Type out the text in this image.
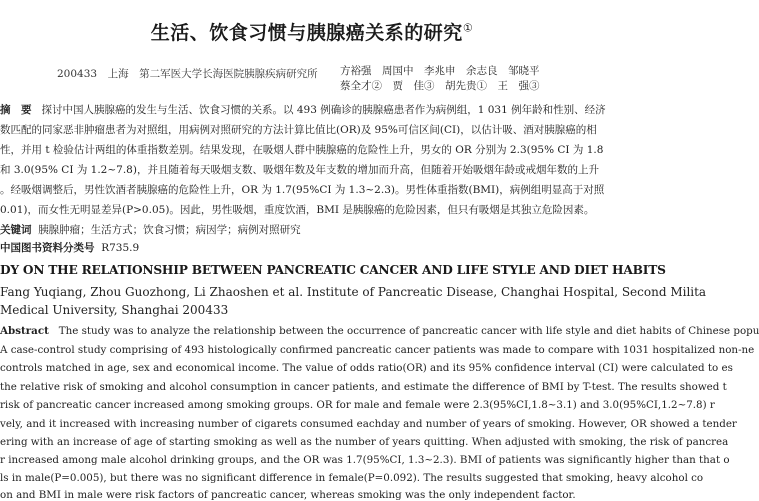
生活、饮食习惯与胰腺癌关系的研究①
200433　上海　第二军医大学长海医院胰腺疾病研究所 方裕强　周国中　李兆申　余志良　邹晓平
蔡全才②　贾　佳③　胡先贵①　王　强③
摘　要 探讨中国人胰腺癌的发生与生活、饮食习惯的关系。以 493 例确诊的胰腺癌患者作为病例组，1 031 例年龄和性别、经济
数匹配的同家恶非肿瘤患者为对照组，用病例对照研究的方法计算比值比(OR)及 95%可信区间(CI)，以估计吸、酒对胰腺癌的相
性，并用 t 检验估计两组的体重指数差别。结果发现，在吸烟人群中胰腺癌的危险性上升，男女的 OR 分别为 2.3(95% CI 为 1.8
和 3.0(95% CI 为 1.2~7.8)，并且随着每天吸烟支数、吸烟年数及年支数的增加而升高，但随着开始吸烟年龄或戒烟年数的上升
。经吸烟调整后，男性饮酒者胰腺癌的危险性上升，OR 为 1.7(95%CI 为 1.3~2.3)。男性体重指数(BMI)，病例组明显高于对照
0.01)，而女性无明显差异(P>0.05)。因此，男性吸烟，重度饮酒，BMI 是胰腺癌的危险因素，但只有吸烟是其独立危险因素。
关键词 胰腺肿瘤；生活方式；饮食习惯；病因学；病例对照研究
中国图书资料分类号 R735.9
DY ON THE RELATIONSHIP BETWEEN PANCREATIC CANCER AND LIFE STYLE AND DIET HABITS
Fang Yuqiang, Zhou Guozhong, Li Zhaoshen et al. Institute of Pancreatic Disease, Changhai Hospital, Second Milita
Medical University, Shanghai 200433
Abstract The study was to analyze the relationship between the occurrence of pancreatic cancer with life style and diet habits of Chinese popu
A case-control study comprising of 493 histologically confirmed pancreatic cancer patients was made to compare with 1031 hospitalized non-ne
controls matched in age, sex and economical income. The value of odds ratio(OR) and its 95% confidence interval (CI) were calculated to es
the relative risk of smoking and alcohol consumption in cancer patients, and estimate the difference of BMI by T-test. The results showed t
risk of pancreatic cancer increased among smoking groups. OR for male and female were 2.3(95%CI,1.8~3.1) and 3.0(95%CI,1.2~7.8) r
vely, and it increased with increasing number of cigarets consumed eachday and number of years of smoking. However, OR showed a tender
ering with an increase of age of starting smoking as well as the number of years quitting. When adjusted with smoking, the risk of pancrea
r increased among male alcohol drinking groups, and the OR was 1.7(95%CI, 1.3~2.3). BMI of patients was significantly higher than that o
ls in male(P=0.005), but there was no significant difference in female(P=0.092). The results suggested that smoking, heavy alcohol co
on and BMI in male were risk factors of pancreatic cancer, whereas smoking was the only independent factor.
